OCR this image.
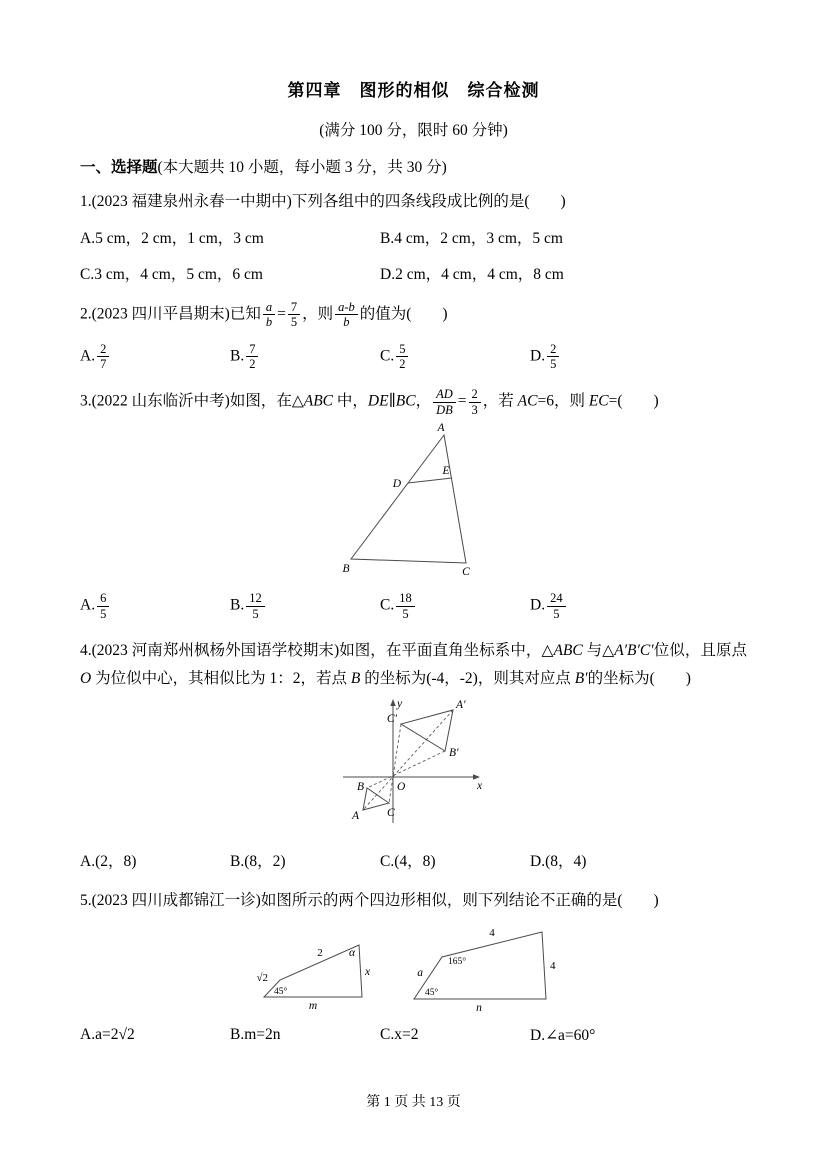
第四章　图形的相似　综合检测

(满分 100 分，限时 60 分钟)

一、选择题(本大题共 10 小题，每小题 3 分，共 30 分)

1.(2023 福建泉州永春一中期中)下列各组中的四条线段成比例的是(　　)

A.5 cm，2 cm，1 cm，3 cm	B.4 cm，2 cm，3 cm，5 cm
C.3 cm，4 cm，5 cm，6 cm	D.2 cm，4 cm，4 cm，8 cm

2.(2023 四川平昌期末)已知 $\frac{a}{b} = \frac{7}{5}$ ，则 $\frac{a-b}{b}$ 的值为(　　)

A. $\frac{2}{7}$	B. $\frac{7}{2}$	C. $\frac{5}{2}$	D. $\frac{2}{5}$

3.(2022 山东临沂中考)如图，在△ABC 中，DE∥BC， $\frac{AD}{DB} = \frac{2}{3}$ ，若 AC=6，则 EC=(　　)

A
B	C
D
E
A. $\frac{6}{5}$	B. $\frac{12}{5}$	C. $\frac{18}{5}$	D. $\frac{24}{5}$

4.(2023 河南郑州枫杨外国语学校期末)如图，在平面直角坐标系中，△ABC 与△A′B′C′位似，且原点 O 为位似中心，其相似比为 1：2，若点 B 的坐标为(-4，-2)，则其对应点 B′的坐标为(　　)

y
x
O
A′
B′
C′
B
C
A
A.(2，8)	B.(8，2)	C.(4，8)	D.(8，4)

5.(2023 四川成都锦江一诊)如图所示的两个四边形相似，则下列结论不正确的是(　　)

√2
45°
2 α
x
m
a
45°
165°
4
4
n
A.a=2√2	B.m=2n	C.x=2	D.∠a=60°
第 1 页 共 13 页
